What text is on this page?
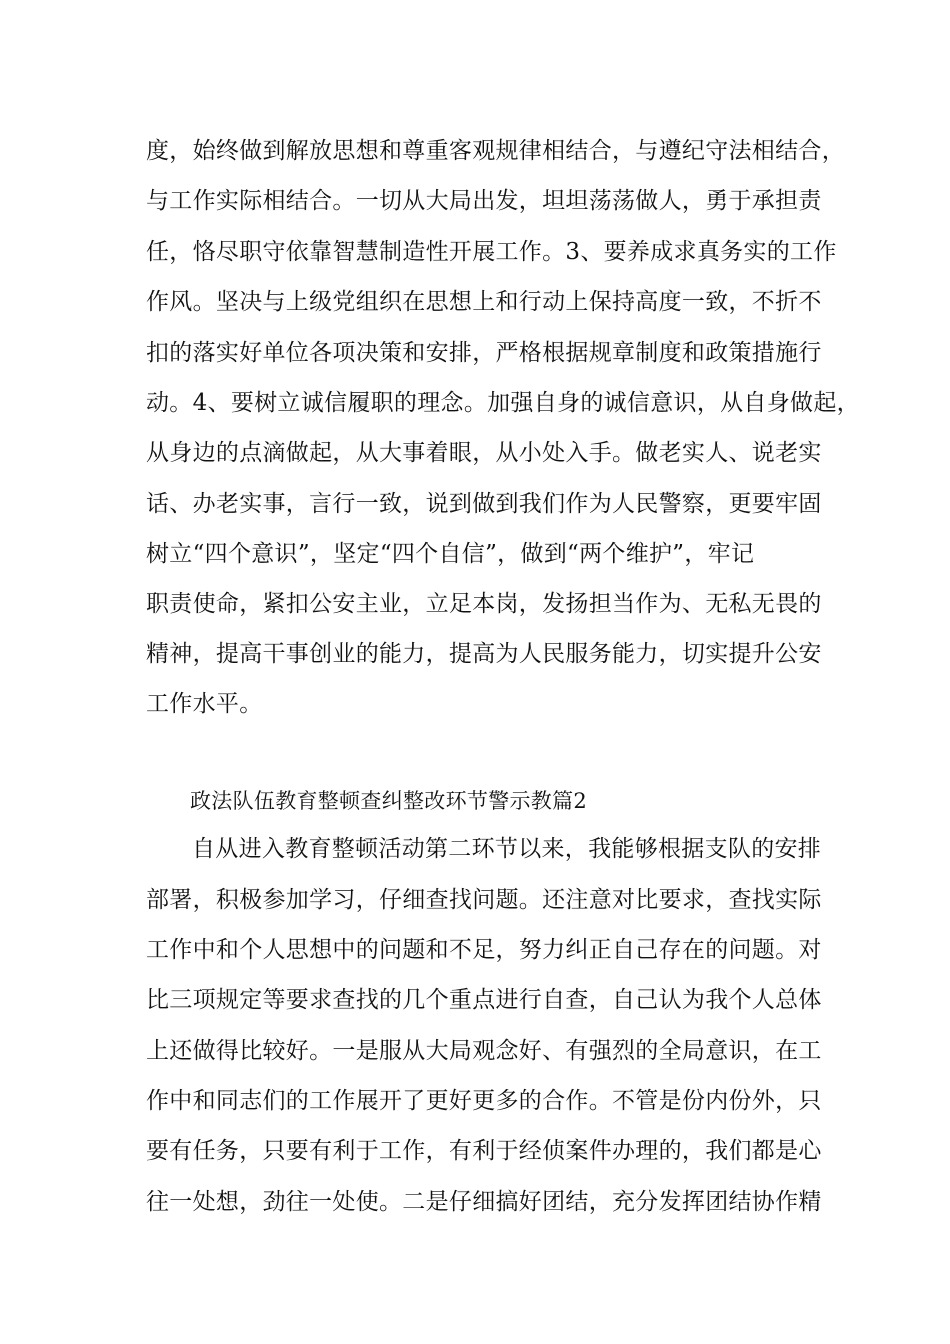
度，始终做到解放思想和尊重客观规律相结合，与遵纪守法相结合，
与工作实际相结合。一切从大局出发，坦坦荡荡做人，勇于承担责
任，恪尽职守依靠智慧制造性开展工作。3、要养成求真务实的工作
作风。坚决与上级党组织在思想上和行动上保持高度一致，不折不
扣的落实好单位各项决策和安排，严格根据规章制度和政策措施行
动。4、要树立诚信履职的理念。加强自身的诚信意识，从自身做起，
从身边的点滴做起，从大事着眼，从小处入手。做老实人、说老实
话、办老实事，言行一致，说到做到我们作为人民警察，更要牢固
树立“四个意识”，坚定“四个自信”，做到“两个维护”，牢记
职责使命，紧扣公安主业，立足本岗，发扬担当作为、无私无畏的
精神，提高干事创业的能力，提高为人民服务能力，切实提升公安
工作水平。
政法队伍教育整顿查纠整改环节警示教篇2
自从进入教育整顿活动第二环节以来，我能够根据支队的安排
部署，积极参加学习，仔细查找问题。还注意对比要求，查找实际
工作中和个人思想中的问题和不足，努力纠正自己存在的问题。对
比三项规定等要求查找的几个重点进行自查，自己认为我个人总体
上还做得比较好。一是服从大局观念好、有强烈的全局意识，在工
作中和同志们的工作展开了更好更多的合作。不管是份内份外，只
要有任务，只要有利于工作，有利于经侦案件办理的，我们都是心
往一处想，劲往一处使。二是仔细搞好团结，充分发挥团结协作精
